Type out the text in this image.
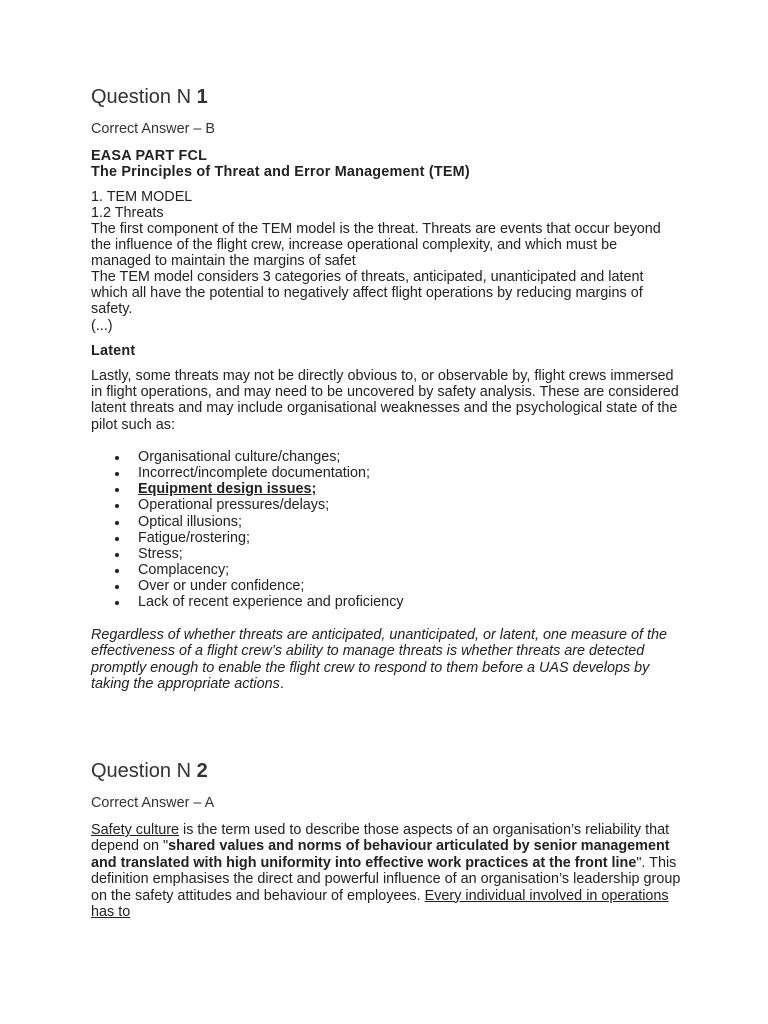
Question N 1
Correct Answer – B
EASA PART FCL
The Principles of Threat and Error Management (TEM)
1. TEM MODEL
1.2 Threats
The first component of the TEM model is the threat. Threats are events that occur beyond the influence of the flight crew, increase operational complexity, and which must be managed to maintain the margins of safet
The TEM model considers 3 categories of threats, anticipated, unanticipated and latent which all have the potential to negatively affect flight operations by reducing margins of safety.
(...)
Latent
Lastly, some threats may not be directly obvious to, or observable by, flight crews immersed in flight operations, and may need to be uncovered by safety analysis. These are considered latent threats and may include organisational weaknesses and the psychological state of the pilot such as:
Organisational culture/changes;
Incorrect/incomplete documentation;
Equipment design issues;
Operational pressures/delays;
Optical illusions;
Fatigue/rostering;
Stress;
Complacency;
Over or under confidence;
Lack of recent experience and proficiency
Regardless of whether threats are anticipated, unanticipated, or latent, one measure of the effectiveness of a flight crew’s ability to manage threats is whether threats are detected promptly enough to enable the flight crew to respond to them before a UAS develops by taking the appropriate actions.
Question N 2
Correct Answer – A
Safety culture is the term used to describe those aspects of an organisation’s reliability that depend on "shared values and norms of behaviour articulated by senior management and translated with high uniformity into effective work practices at the front line". This definition emphasises the direct and powerful influence of an organisation’s leadership group on the safety attitudes and behaviour of employees. Every individual involved in operations has to
